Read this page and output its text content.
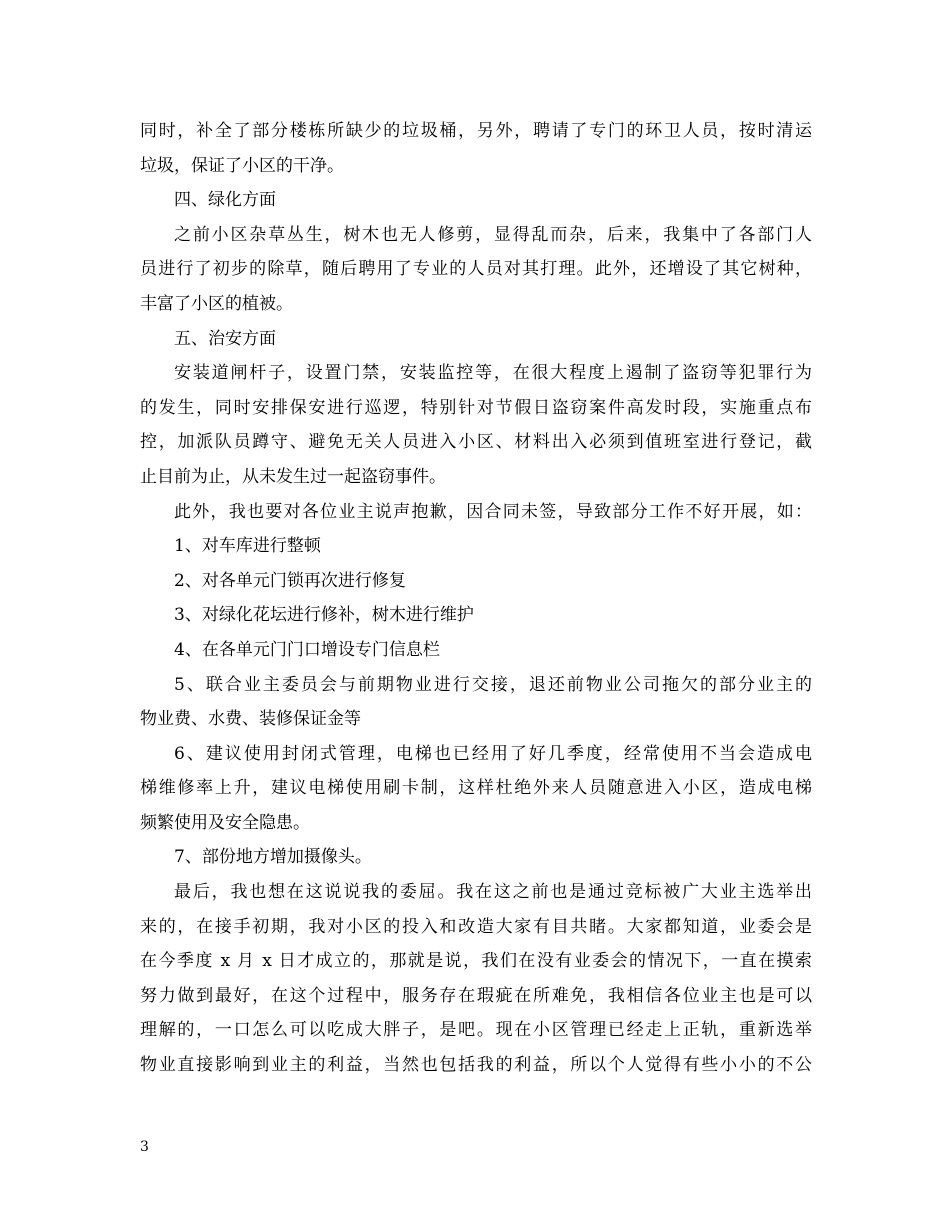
同时，补全了部分楼栋所缺少的垃圾桶，另外，聘请了专门的环卫人员，按时清运
垃圾，保证了小区的干净。
四、绿化方面
之前小区杂草丛生，树木也无人修剪，显得乱而杂，后来，我集中了各部门人
员进行了初步的除草，随后聘用了专业的人员对其打理。此外，还增设了其它树种，
丰富了小区的植被。
五、治安方面
安装道闸杆子，设置门禁，安装监控等，在很大程度上遏制了盗窃等犯罪行为
的发生，同时安排保安进行巡逻，特别针对节假日盗窃案件高发时段，实施重点布
控，加派队员蹲守、避免无关人员进入小区、材料出入必须到值班室进行登记，截
止目前为止，从未发生过一起盗窃事件。
此外，我也要对各位业主说声抱歉，因合同未签，导致部分工作不好开展，如：
1、对车库进行整顿
2、对各单元门锁再次进行修复
3、对绿化花坛进行修补，树木进行维护
4、在各单元门门口增设专门信息栏
5、联合业主委员会与前期物业进行交接，退还前物业公司拖欠的部分业主的
物业费、水费、装修保证金等
6、建议使用封闭式管理，电梯也已经用了好几季度，经常使用不当会造成电
梯维修率上升，建议电梯使用刷卡制，这样杜绝外来人员随意进入小区，造成电梯
频繁使用及安全隐患。
7、部份地方增加摄像头。
最后，我也想在这说说我的委屈。我在这之前也是通过竞标被广大业主选举出
来的，在接手初期，我对小区的投入和改造大家有目共睹。大家都知道，业委会是
在今季度 x 月 x 日才成立的，那就是说，我们在没有业委会的情况下，一直在摸索
努力做到最好，在这个过程中，服务存在瑕疵在所难免，我相信各位业主也是可以
理解的，一口怎么可以吃成大胖子，是吧。现在小区管理已经走上正轨，重新选举
物业直接影响到业主的利益，当然也包括我的利益，所以个人觉得有些小小的不公
3
